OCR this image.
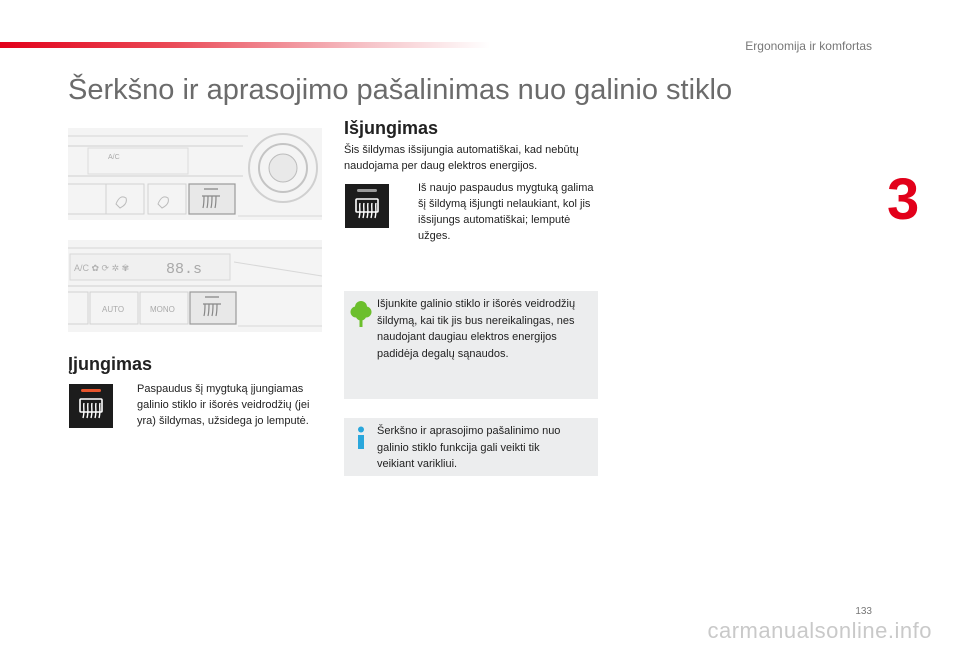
Ergonomija ir komfortas
3
Šerkšno ir aprasojimo pašalinimas nuo galinio stiklo
A/C
A/C ✿ ⟳ ✲ ✾ 88.s
AUTO	MONO
Įjungimas
Paspaudus šį mygtuką įjungiamas galinio stiklo ir išorės veidrodžių (jei yra) šildymas, užsidega jo lemputė.
Išjungimas
Šis šildymas išsijungia automatiškai, kad nebūtų naudojama per daug elektros energijos.
Iš naujo paspaudus mygtuką galima šį šildymą išjungti nelaukiant, kol jis išsijungs automatiškai; lemputė užges.
Išjunkite galinio stiklo ir išorės veidrodžių šildymą, kai tik jis bus nereikalingas, nes naudojant daugiau elektros energijos padidėja degalų sąnaudos.
Šerkšno ir aprasojimo pašalinimo nuo galinio stiklo funkcija gali veikti tik veikiant varikliui.
133
carmanualsonline.info
